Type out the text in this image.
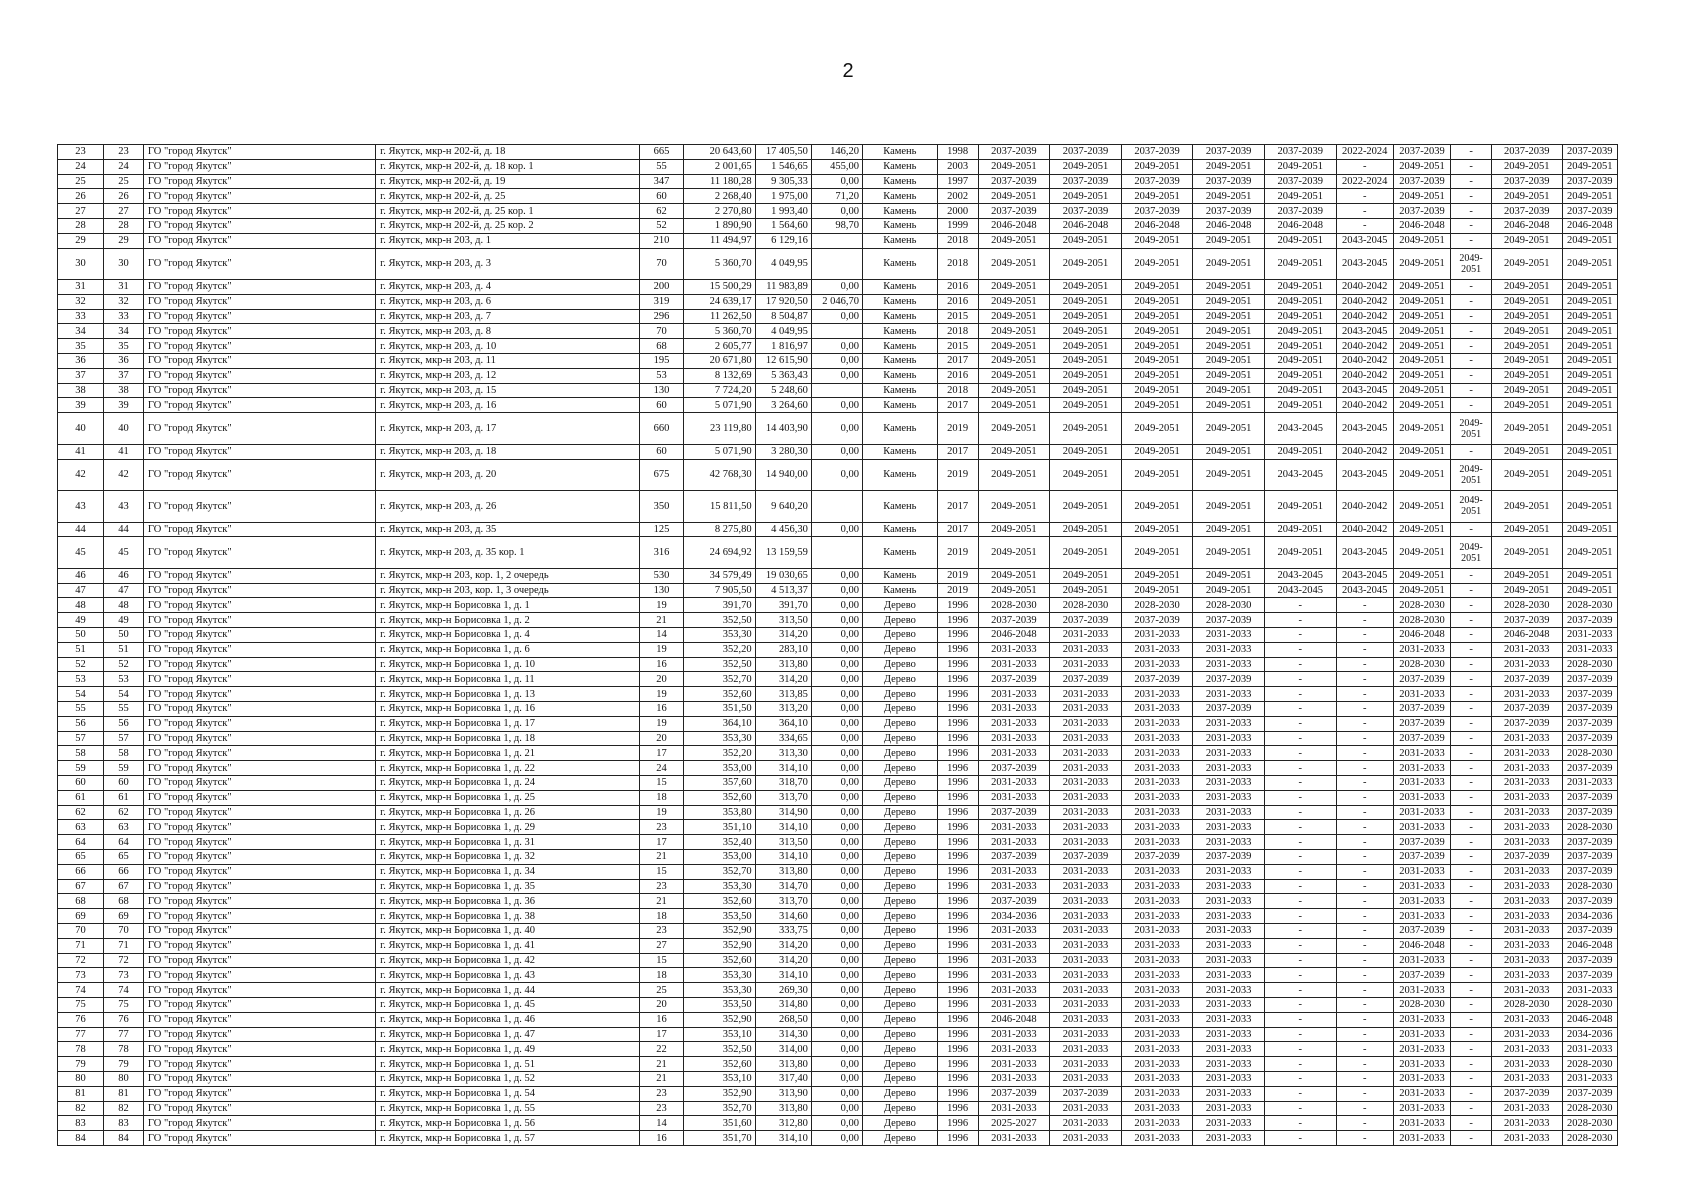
2
23	23	ГО "город Якутск"	г. Якутск, мкр-н 202-й, д. 18	665	20 643,60	17 405,50	146,20	Камень	1998	2037-2039	2037-2039	2037-2039	2037-2039	2037-2039	2022-2024	2037-2039	-	2037-2039	2037-2039
24	24	ГО "город Якутск"	г. Якутск, мкр-н 202-й, д. 18 кор. 1	55	2 001,65	1 546,65	455,00	Камень	2003	2049-2051	2049-2051	2049-2051	2049-2051	2049-2051	-	2049-2051	-	2049-2051	2049-2051
25	25	ГО "город Якутск"	г. Якутск, мкр-н 202-й, д. 19	347	11 180,28	9 305,33	0,00	Камень	1997	2037-2039	2037-2039	2037-2039	2037-2039	2037-2039	2022-2024	2037-2039	-	2037-2039	2037-2039
26	26	ГО "город Якутск"	г. Якутск, мкр-н 202-й, д. 25	60	2 268,40	1 975,00	71,20	Камень	2002	2049-2051	2049-2051	2049-2051	2049-2051	2049-2051	-	2049-2051	-	2049-2051	2049-2051
27	27	ГО "город Якутск"	г. Якутск, мкр-н 202-й, д. 25 кор. 1	62	2 270,80	1 993,40	0,00	Камень	2000	2037-2039	2037-2039	2037-2039	2037-2039	2037-2039	-	2037-2039	-	2037-2039	2037-2039
28	28	ГО "город Якутск"	г. Якутск, мкр-н 202-й, д. 25 кор. 2	52	1 890,90	1 564,60	98,70	Камень	1999	2046-2048	2046-2048	2046-2048	2046-2048	2046-2048	-	2046-2048	-	2046-2048	2046-2048
29	29	ГО "город Якутск"	г. Якутск, мкр-н 203, д. 1	210	11 494,97	6 129,16		Камень	2018	2049-2051	2049-2051	2049-2051	2049-2051	2049-2051	2043-2045	2049-2051	-	2049-2051	2049-2051
30	30	ГО "город Якутск"	г. Якутск, мкр-н 203, д. 3	70	5 360,70	4 049,95		Камень	2018	2049-2051	2049-2051	2049-2051	2049-2051	2049-2051	2043-2045	2049-2051	2049-2051	2049-2051	2049-2051
31	31	ГО "город Якутск"	г. Якутск, мкр-н 203, д. 4	200	15 500,29	11 983,89	0,00	Камень	2016	2049-2051	2049-2051	2049-2051	2049-2051	2049-2051	2040-2042	2049-2051	-	2049-2051	2049-2051
32	32	ГО "город Якутск"	г. Якутск, мкр-н 203, д. 6	319	24 639,17	17 920,50	2 046,70	Камень	2016	2049-2051	2049-2051	2049-2051	2049-2051	2049-2051	2040-2042	2049-2051	-	2049-2051	2049-2051
33	33	ГО "город Якутск"	г. Якутск, мкр-н 203, д. 7	296	11 262,50	8 504,87	0,00	Камень	2015	2049-2051	2049-2051	2049-2051	2049-2051	2049-2051	2040-2042	2049-2051	-	2049-2051	2049-2051
34	34	ГО "город Якутск"	г. Якутск, мкр-н 203, д. 8	70	5 360,70	4 049,95		Камень	2018	2049-2051	2049-2051	2049-2051	2049-2051	2049-2051	2043-2045	2049-2051	-	2049-2051	2049-2051
35	35	ГО "город Якутск"	г. Якутск, мкр-н 203, д. 10	68	2 605,77	1 816,97	0,00	Камень	2015	2049-2051	2049-2051	2049-2051	2049-2051	2049-2051	2040-2042	2049-2051	-	2049-2051	2049-2051
36	36	ГО "город Якутск"	г. Якутск, мкр-н 203, д. 11	195	20 671,80	12 615,90	0,00	Камень	2017	2049-2051	2049-2051	2049-2051	2049-2051	2049-2051	2040-2042	2049-2051	-	2049-2051	2049-2051
37	37	ГО "город Якутск"	г. Якутск, мкр-н 203, д. 12	53	8 132,69	5 363,43	0,00	Камень	2016	2049-2051	2049-2051	2049-2051	2049-2051	2049-2051	2040-2042	2049-2051	-	2049-2051	2049-2051
38	38	ГО "город Якутск"	г. Якутск, мкр-н 203, д. 15	130	7 724,20	5 248,60		Камень	2018	2049-2051	2049-2051	2049-2051	2049-2051	2049-2051	2043-2045	2049-2051	-	2049-2051	2049-2051
39	39	ГО "город Якутск"	г. Якутск, мкр-н 203, д. 16	60	5 071,90	3 264,60	0,00	Камень	2017	2049-2051	2049-2051	2049-2051	2049-2051	2049-2051	2040-2042	2049-2051	-	2049-2051	2049-2051
40	40	ГО "город Якутск"	г. Якутск, мкр-н 203, д. 17	660	23 119,80	14 403,90	0,00	Камень	2019	2049-2051	2049-2051	2049-2051	2049-2051	2043-2045	2043-2045	2049-2051	2049-2051	2049-2051	2049-2051
41	41	ГО "город Якутск"	г. Якутск, мкр-н 203, д. 18	60	5 071,90	3 280,30	0,00	Камень	2017	2049-2051	2049-2051	2049-2051	2049-2051	2049-2051	2040-2042	2049-2051	-	2049-2051	2049-2051
42	42	ГО "город Якутск"	г. Якутск, мкр-н 203, д. 20	675	42 768,30	14 940,00	0,00	Камень	2019	2049-2051	2049-2051	2049-2051	2049-2051	2043-2045	2043-2045	2049-2051	2049-2051	2049-2051	2049-2051
43	43	ГО "город Якутск"	г. Якутск, мкр-н 203, д. 26	350	15 811,50	9 640,20		Камень	2017	2049-2051	2049-2051	2049-2051	2049-2051	2049-2051	2040-2042	2049-2051	2049-2051	2049-2051	2049-2051
44	44	ГО "город Якутск"	г. Якутск, мкр-н 203, д. 35	125	8 275,80	4 456,30	0,00	Камень	2017	2049-2051	2049-2051	2049-2051	2049-2051	2049-2051	2040-2042	2049-2051	-	2049-2051	2049-2051
45	45	ГО "город Якутск"	г. Якутск, мкр-н 203, д. 35 кор. 1	316	24 694,92	13 159,59		Камень	2019	2049-2051	2049-2051	2049-2051	2049-2051	2049-2051	2043-2045	2049-2051	2049-2051	2049-2051	2049-2051
46	46	ГО "город Якутск"	г. Якутск, мкр-н 203, кор. 1, 2 очередь	530	34 579,49	19 030,65	0,00	Камень	2019	2049-2051	2049-2051	2049-2051	2049-2051	2043-2045	2043-2045	2049-2051	-	2049-2051	2049-2051
47	47	ГО "город Якутск"	г. Якутск, мкр-н 203, кор. 1, 3 очередь	130	7 905,50	4 513,37	0,00	Камень	2019	2049-2051	2049-2051	2049-2051	2049-2051	2043-2045	2043-2045	2049-2051	-	2049-2051	2049-2051
48	48	ГО "город Якутск"	г. Якутск, мкр-н Борисовка 1, д. 1	19	391,70	391,70	0,00	Дерево	1996	2028-2030	2028-2030	2028-2030	2028-2030	-	-	2028-2030	-	2028-2030	2028-2030
49	49	ГО "город Якутск"	г. Якутск, мкр-н Борисовка 1, д. 2	21	352,50	313,50	0,00	Дерево	1996	2037-2039	2037-2039	2037-2039	2037-2039	-	-	2028-2030	-	2037-2039	2037-2039
50	50	ГО "город Якутск"	г. Якутск, мкр-н Борисовка 1, д. 4	14	353,30	314,20	0,00	Дерево	1996	2046-2048	2031-2033	2031-2033	2031-2033	-	-	2046-2048	-	2046-2048	2031-2033
51	51	ГО "город Якутск"	г. Якутск, мкр-н Борисовка 1, д. 6	19	352,20	283,10	0,00	Дерево	1996	2031-2033	2031-2033	2031-2033	2031-2033	-	-	2031-2033	-	2031-2033	2031-2033
52	52	ГО "город Якутск"	г. Якутск, мкр-н Борисовка 1, д. 10	16	352,50	313,80	0,00	Дерево	1996	2031-2033	2031-2033	2031-2033	2031-2033	-	-	2028-2030	-	2031-2033	2028-2030
53	53	ГО "город Якутск"	г. Якутск, мкр-н Борисовка 1, д. 11	20	352,70	314,20	0,00	Дерево	1996	2037-2039	2037-2039	2037-2039	2037-2039	-	-	2037-2039	-	2037-2039	2037-2039
54	54	ГО "город Якутск"	г. Якутск, мкр-н Борисовка 1, д. 13	19	352,60	313,85	0,00	Дерево	1996	2031-2033	2031-2033	2031-2033	2031-2033	-	-	2031-2033	-	2031-2033	2037-2039
55	55	ГО "город Якутск"	г. Якутск, мкр-н Борисовка 1, д. 16	16	351,50	313,20	0,00	Дерево	1996	2031-2033	2031-2033	2031-2033	2037-2039	-	-	2037-2039	-	2037-2039	2037-2039
56	56	ГО "город Якутск"	г. Якутск, мкр-н Борисовка 1, д. 17	19	364,10	364,10	0,00	Дерево	1996	2031-2033	2031-2033	2031-2033	2031-2033	-	-	2037-2039	-	2037-2039	2037-2039
57	57	ГО "город Якутск"	г. Якутск, мкр-н Борисовка 1, д. 18	20	353,30	334,65	0,00	Дерево	1996	2031-2033	2031-2033	2031-2033	2031-2033	-	-	2037-2039	-	2031-2033	2037-2039
58	58	ГО "город Якутск"	г. Якутск, мкр-н Борисовка 1, д. 21	17	352,20	313,30	0,00	Дерево	1996	2031-2033	2031-2033	2031-2033	2031-2033	-	-	2031-2033	-	2031-2033	2028-2030
59	59	ГО "город Якутск"	г. Якутск, мкр-н Борисовка 1, д. 22	24	353,00	314,10	0,00	Дерево	1996	2037-2039	2031-2033	2031-2033	2031-2033	-	-	2031-2033	-	2031-2033	2037-2039
60	60	ГО "город Якутск"	г. Якутск, мкр-н Борисовка 1, д. 24	15	357,60	318,70	0,00	Дерево	1996	2031-2033	2031-2033	2031-2033	2031-2033	-	-	2031-2033	-	2031-2033	2031-2033
61	61	ГО "город Якутск"	г. Якутск, мкр-н Борисовка 1, д. 25	18	352,60	313,70	0,00	Дерево	1996	2031-2033	2031-2033	2031-2033	2031-2033	-	-	2031-2033	-	2031-2033	2037-2039
62	62	ГО "город Якутск"	г. Якутск, мкр-н Борисовка 1, д. 26	19	353,80	314,90	0,00	Дерево	1996	2037-2039	2031-2033	2031-2033	2031-2033	-	-	2031-2033	-	2031-2033	2037-2039
63	63	ГО "город Якутск"	г. Якутск, мкр-н Борисовка 1, д. 29	23	351,10	314,10	0,00	Дерево	1996	2031-2033	2031-2033	2031-2033	2031-2033	-	-	2031-2033	-	2031-2033	2028-2030
64	64	ГО "город Якутск"	г. Якутск, мкр-н Борисовка 1, д. 31	17	352,40	313,50	0,00	Дерево	1996	2031-2033	2031-2033	2031-2033	2031-2033	-	-	2037-2039	-	2031-2033	2037-2039
65	65	ГО "город Якутск"	г. Якутск, мкр-н Борисовка 1, д. 32	21	353,00	314,10	0,00	Дерево	1996	2037-2039	2037-2039	2037-2039	2037-2039	-	-	2037-2039	-	2037-2039	2037-2039
66	66	ГО "город Якутск"	г. Якутск, мкр-н Борисовка 1, д. 34	15	352,70	313,80	0,00	Дерево	1996	2031-2033	2031-2033	2031-2033	2031-2033	-	-	2031-2033	-	2031-2033	2037-2039
67	67	ГО "город Якутск"	г. Якутск, мкр-н Борисовка 1, д. 35	23	353,30	314,70	0,00	Дерево	1996	2031-2033	2031-2033	2031-2033	2031-2033	-	-	2031-2033	-	2031-2033	2028-2030
68	68	ГО "город Якутск"	г. Якутск, мкр-н Борисовка 1, д. 36	21	352,60	313,70	0,00	Дерево	1996	2037-2039	2031-2033	2031-2033	2031-2033	-	-	2031-2033	-	2031-2033	2037-2039
69	69	ГО "город Якутск"	г. Якутск, мкр-н Борисовка 1, д. 38	18	353,50	314,60	0,00	Дерево	1996	2034-2036	2031-2033	2031-2033	2031-2033	-	-	2031-2033	-	2031-2033	2034-2036
70	70	ГО "город Якутск"	г. Якутск, мкр-н Борисовка 1, д. 40	23	352,90	333,75	0,00	Дерево	1996	2031-2033	2031-2033	2031-2033	2031-2033	-	-	2037-2039	-	2031-2033	2037-2039
71	71	ГО "город Якутск"	г. Якутск, мкр-н Борисовка 1, д. 41	27	352,90	314,20	0,00	Дерево	1996	2031-2033	2031-2033	2031-2033	2031-2033	-	-	2046-2048	-	2031-2033	2046-2048
72	72	ГО "город Якутск"	г. Якутск, мкр-н Борисовка 1, д. 42	15	352,60	314,20	0,00	Дерево	1996	2031-2033	2031-2033	2031-2033	2031-2033	-	-	2031-2033	-	2031-2033	2037-2039
73	73	ГО "город Якутск"	г. Якутск, мкр-н Борисовка 1, д. 43	18	353,30	314,10	0,00	Дерево	1996	2031-2033	2031-2033	2031-2033	2031-2033	-	-	2037-2039	-	2031-2033	2037-2039
74	74	ГО "город Якутск"	г. Якутск, мкр-н Борисовка 1, д. 44	25	353,30	269,30	0,00	Дерево	1996	2031-2033	2031-2033	2031-2033	2031-2033	-	-	2031-2033	-	2031-2033	2031-2033
75	75	ГО "город Якутск"	г. Якутск, мкр-н Борисовка 1, д. 45	20	353,50	314,80	0,00	Дерево	1996	2031-2033	2031-2033	2031-2033	2031-2033	-	-	2028-2030	-	2028-2030	2028-2030
76	76	ГО "город Якутск"	г. Якутск, мкр-н Борисовка 1, д. 46	16	352,90	268,50	0,00	Дерево	1996	2046-2048	2031-2033	2031-2033	2031-2033	-	-	2031-2033	-	2031-2033	2046-2048
77	77	ГО "город Якутск"	г. Якутск, мкр-н Борисовка 1, д. 47	17	353,10	314,30	0,00	Дерево	1996	2031-2033	2031-2033	2031-2033	2031-2033	-	-	2031-2033	-	2031-2033	2034-2036
78	78	ГО "город Якутск"	г. Якутск, мкр-н Борисовка 1, д. 49	22	352,50	314,00	0,00	Дерево	1996	2031-2033	2031-2033	2031-2033	2031-2033	-	-	2031-2033	-	2031-2033	2031-2033
79	79	ГО "город Якутск"	г. Якутск, мкр-н Борисовка 1, д. 51	21	352,60	313,80	0,00	Дерево	1996	2031-2033	2031-2033	2031-2033	2031-2033	-	-	2031-2033	-	2031-2033	2028-2030
80	80	ГО "город Якутск"	г. Якутск, мкр-н Борисовка 1, д. 52	21	353,10	317,40	0,00	Дерево	1996	2031-2033	2031-2033	2031-2033	2031-2033	-	-	2031-2033	-	2031-2033	2031-2033
81	81	ГО "город Якутск"	г. Якутск, мкр-н Борисовка 1, д. 54	23	352,90	313,90	0,00	Дерево	1996	2037-2039	2037-2039	2031-2033	2031-2033	-	-	2031-2033	-	2037-2039	2037-2039
82	82	ГО "город Якутск"	г. Якутск, мкр-н Борисовка 1, д. 55	23	352,70	313,80	0,00	Дерево	1996	2031-2033	2031-2033	2031-2033	2031-2033	-	-	2031-2033	-	2031-2033	2028-2030
83	83	ГО "город Якутск"	г. Якутск, мкр-н Борисовка 1, д. 56	14	351,60	312,80	0,00	Дерево	1996	2025-2027	2031-2033	2031-2033	2031-2033	-	-	2031-2033	-	2031-2033	2028-2030
84	84	ГО "город Якутск"	г. Якутск, мкр-н Борисовка 1, д. 57	16	351,70	314,10	0,00	Дерево	1996	2031-2033	2031-2033	2031-2033	2031-2033	-	-	2031-2033	-	2031-2033	2028-2030
